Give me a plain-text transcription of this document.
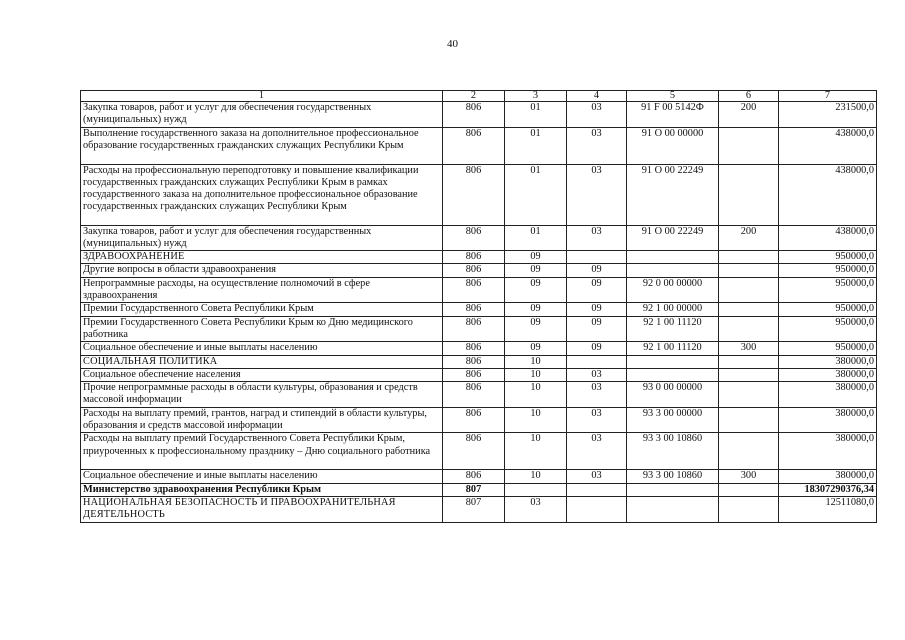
40
1	2	3	4	5	6	7
Закупка товаров, работ и услуг для обеспечения государственных (муниципальных) нужд	806	01	03	91 F 00 5142Ф	200	231500,0
Выполнение государственного заказа на дополнительное профессиональное образование государственных гражданских служащих Республики Крым	806	01	03	91 О 00 00000		438000,0
Расходы на профессиональную переподготовку и повышение квалификации государственных гражданских служащих Республики Крым в рамках государственного заказа на дополнительное профессиональное образование государственных гражданских служащих Республики Крым	806	01	03	91 О 00 22249		438000,0
Закупка товаров, работ и услуг для обеспечения государственных (муниципальных) нужд	806	01	03	91 О 00 22249	200	438000,0
ЗДРАВООХРАНЕНИЕ	806	09				950000,0
Другие вопросы в области здравоохранения	806	09	09			950000,0
Непрограммные расходы, на осуществление полномочий в сфере здравоохранения	806	09	09	92 0 00 00000		950000,0
Премии Государственного Совета Республики Крым	806	09	09	92 1 00 00000		950000,0
Премии Государственного Совета Республики Крым ко Дню медицинского работника	806	09	09	92 1 00 11120		950000,0
Социальное обеспечение и иные выплаты населению	806	09	09	92 1 00 11120	300	950000,0
СОЦИАЛЬНАЯ ПОЛИТИКА	806	10				380000,0
Социальное обеспечение населения	806	10	03			380000,0
Прочие непрограммные расходы в области культуры, образования и средств массовой информации	806	10	03	93 0 00 00000		380000,0
Расходы на выплату премий, грантов, наград и стипендий в области культуры, образования и средств массовой информации	806	10	03	93 3 00 00000		380000,0
Расходы на выплату премий Государственного Совета Республики Крым, приуроченных к профессиональному празднику – Дню социального работника	806	10	03	93 3 00 10860		380000,0
Социальное обеспечение и иные выплаты населению	806	10	03	93 3 00 10860	300	380000,0
Министерство здравоохранения Республики Крым	807					18307290376,34
НАЦИОНАЛЬНАЯ БЕЗОПАСНОСТЬ И ПРАВООХРАНИТЕЛЬНАЯ ДЕЯТЕЛЬНОСТЬ	807	03				12511080,0
